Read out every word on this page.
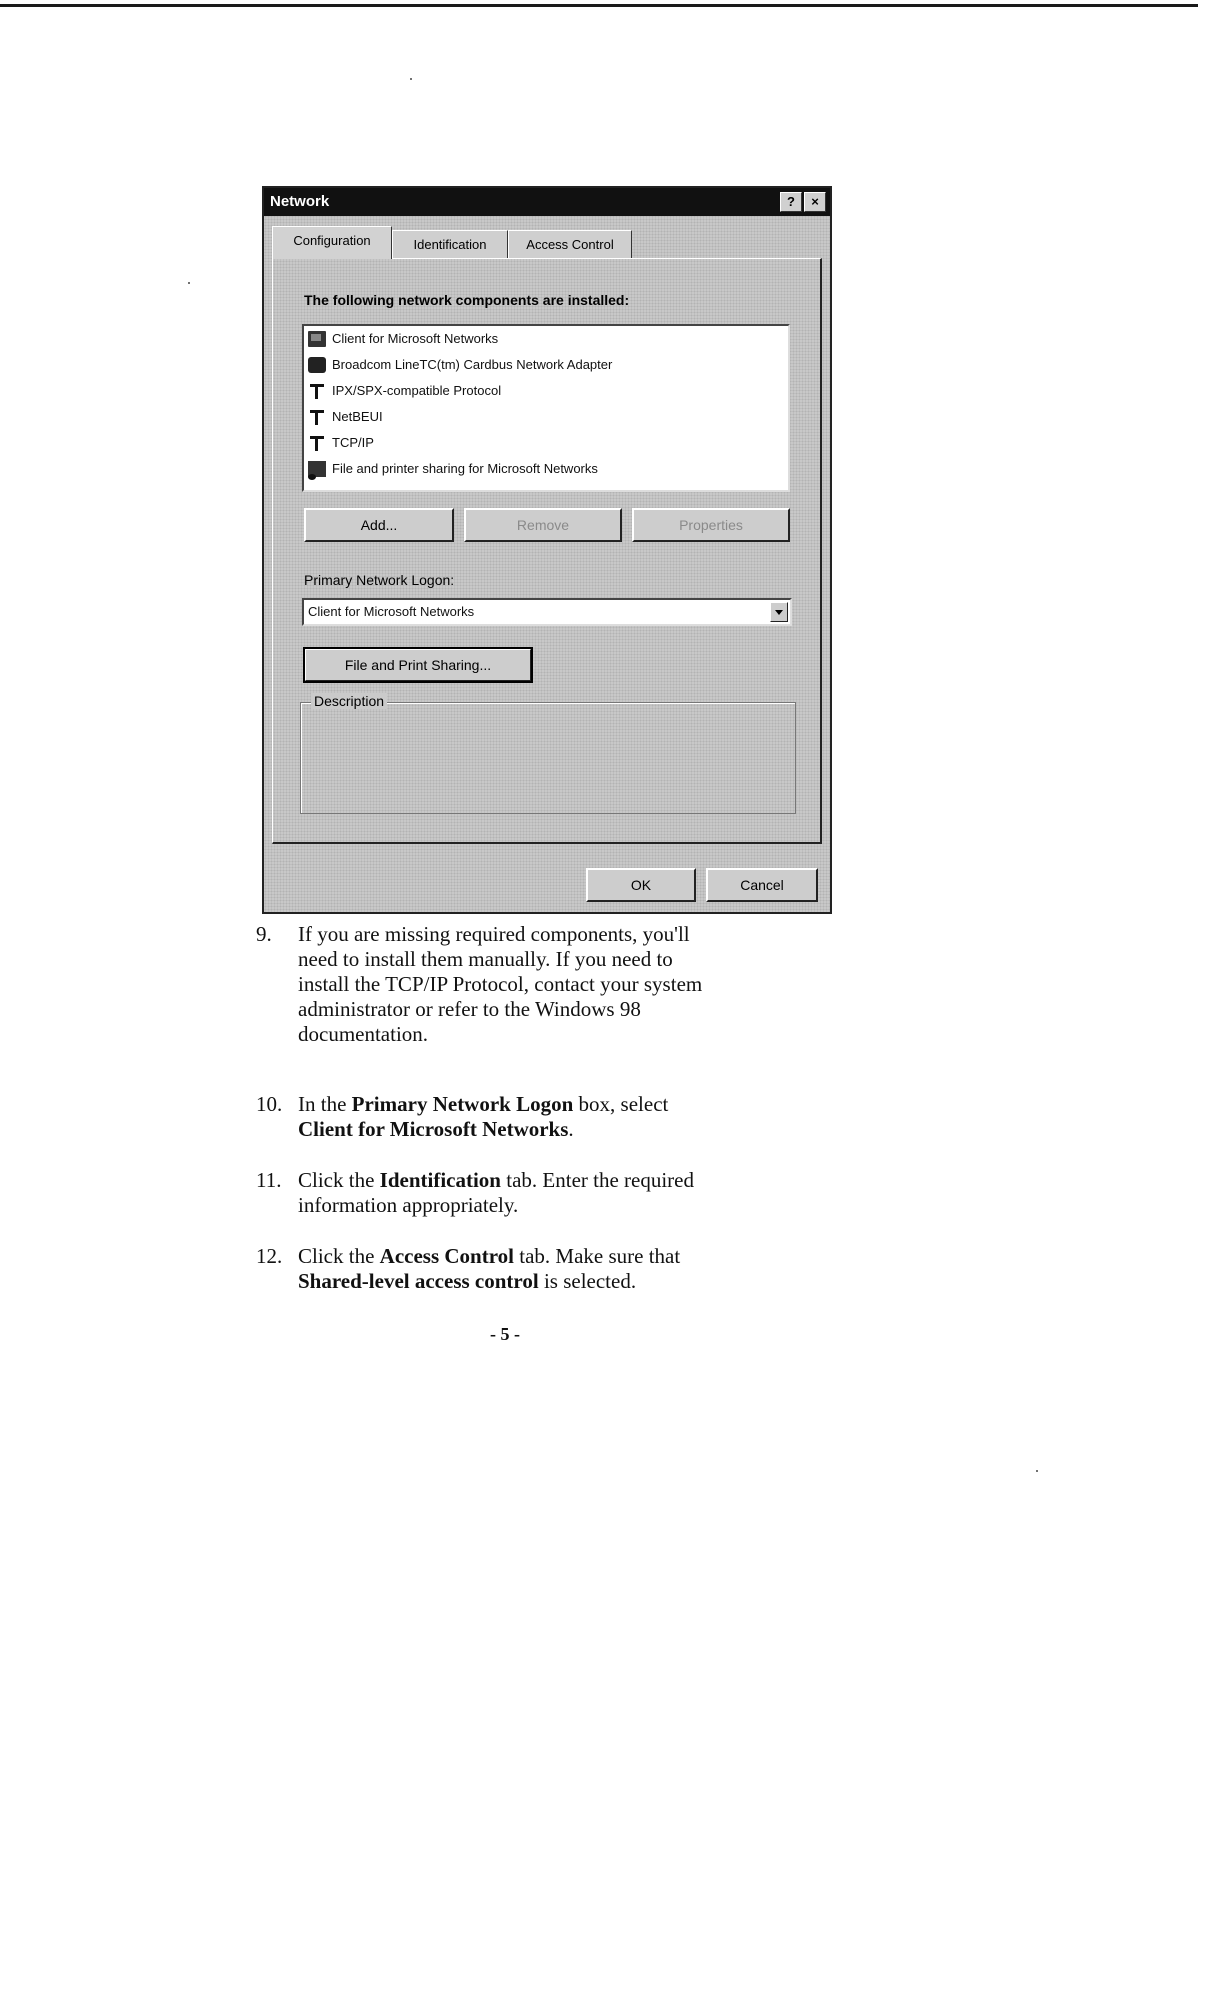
Network	?	×
Configuration	Identification	Access Control
The following network components are installed:
Client for Microsoft Networks
Broadcom LineTC(tm) Cardbus Network Adapter
IPX/SPX-compatible Protocol
NetBEUI
TCP/IP
File and printer sharing for Microsoft Networks
Add...	Remove	Properties
Primary Network Logon:
Client for Microsoft Networks
File and Print Sharing...
Description
OK	Cancel
9.	If you are missing required components, you'll
need to install them manually. If you need to
install the TCP/IP Protocol, contact your system
administrator or refer to the Windows 98
documentation.
10. In the Primary Network Logon box, select
Client for Microsoft Networks.
11. Click the Identification tab. Enter the required
information appropriately.
12. Click the Access Control tab. Make sure that
Shared-level access control is selected.
- 5 -
